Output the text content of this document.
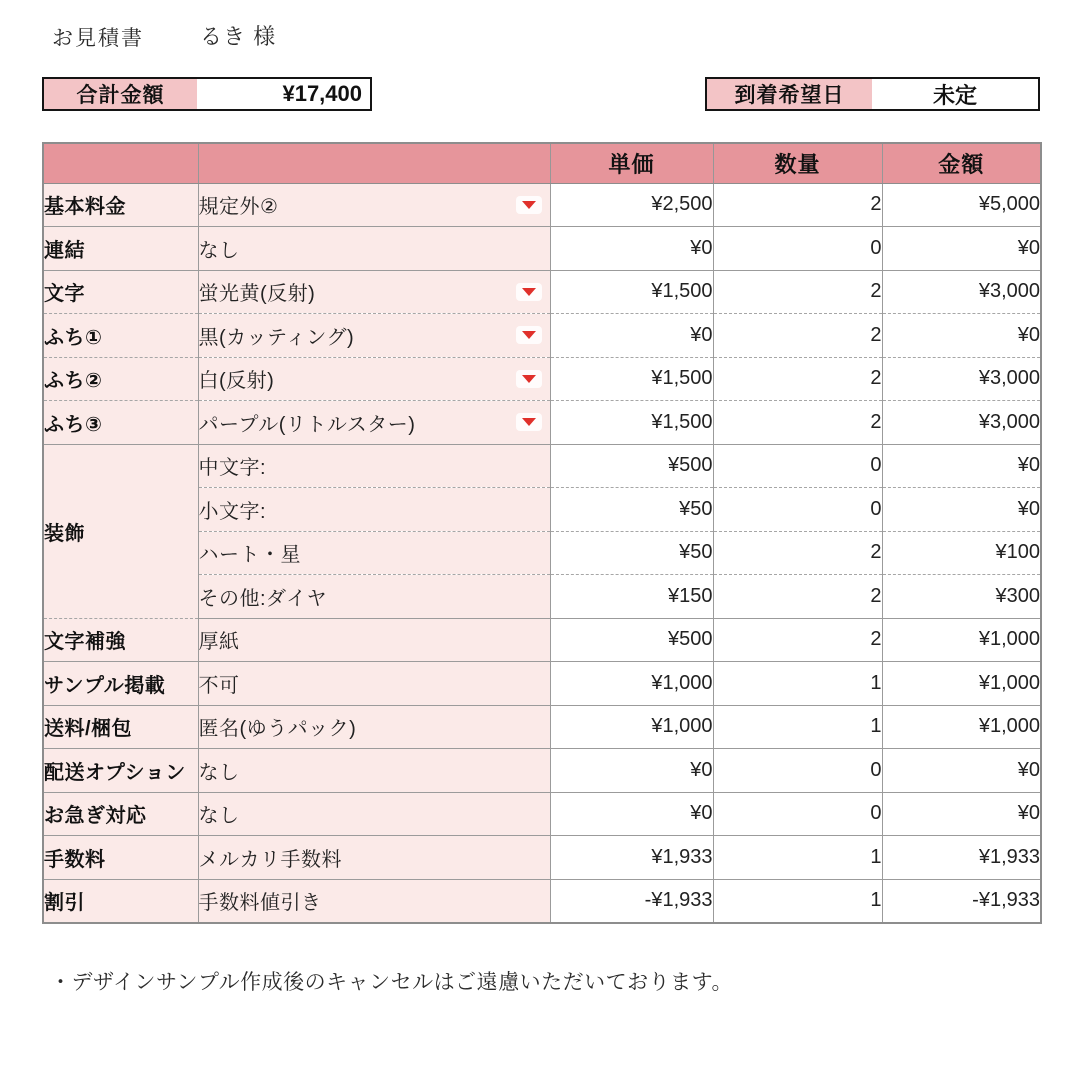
お見積書	るき 様
合計金額	¥17,400	到着希望日	未定
		単価	数量	金額
基本料金	規定外②	¥2,500	2	¥5,000
連結	なし	¥0	0	¥0
文字	蛍光黄(反射)	¥1,500	2	¥3,000
ふち①	黒(カッティング)	¥0	2	¥0
ふち②	白(反射)	¥1,500	2	¥3,000
ふち③	パープル(リトルスター)	¥1,500	2	¥3,000
装飾	中文字:	¥500	0	¥0
	小文字:	¥50	0	¥0
	ハート・星	¥50	2	¥100
	その他:ダイヤ	¥150	2	¥300
文字補強	厚紙	¥500	2	¥1,000
サンプル掲載	不可	¥1,000	1	¥1,000
送料/梱包	匿名(ゆうパック)	¥1,000	1	¥1,000
配送オプション	なし	¥0	0	¥0
お急ぎ対応	なし	¥0	0	¥0
手数料	メルカリ手数料	¥1,933	1	¥1,933
割引	手数料値引き	-¥1,933	1	-¥1,933
・デザインサンプル作成後のキャンセルはご遠慮いただいております。
